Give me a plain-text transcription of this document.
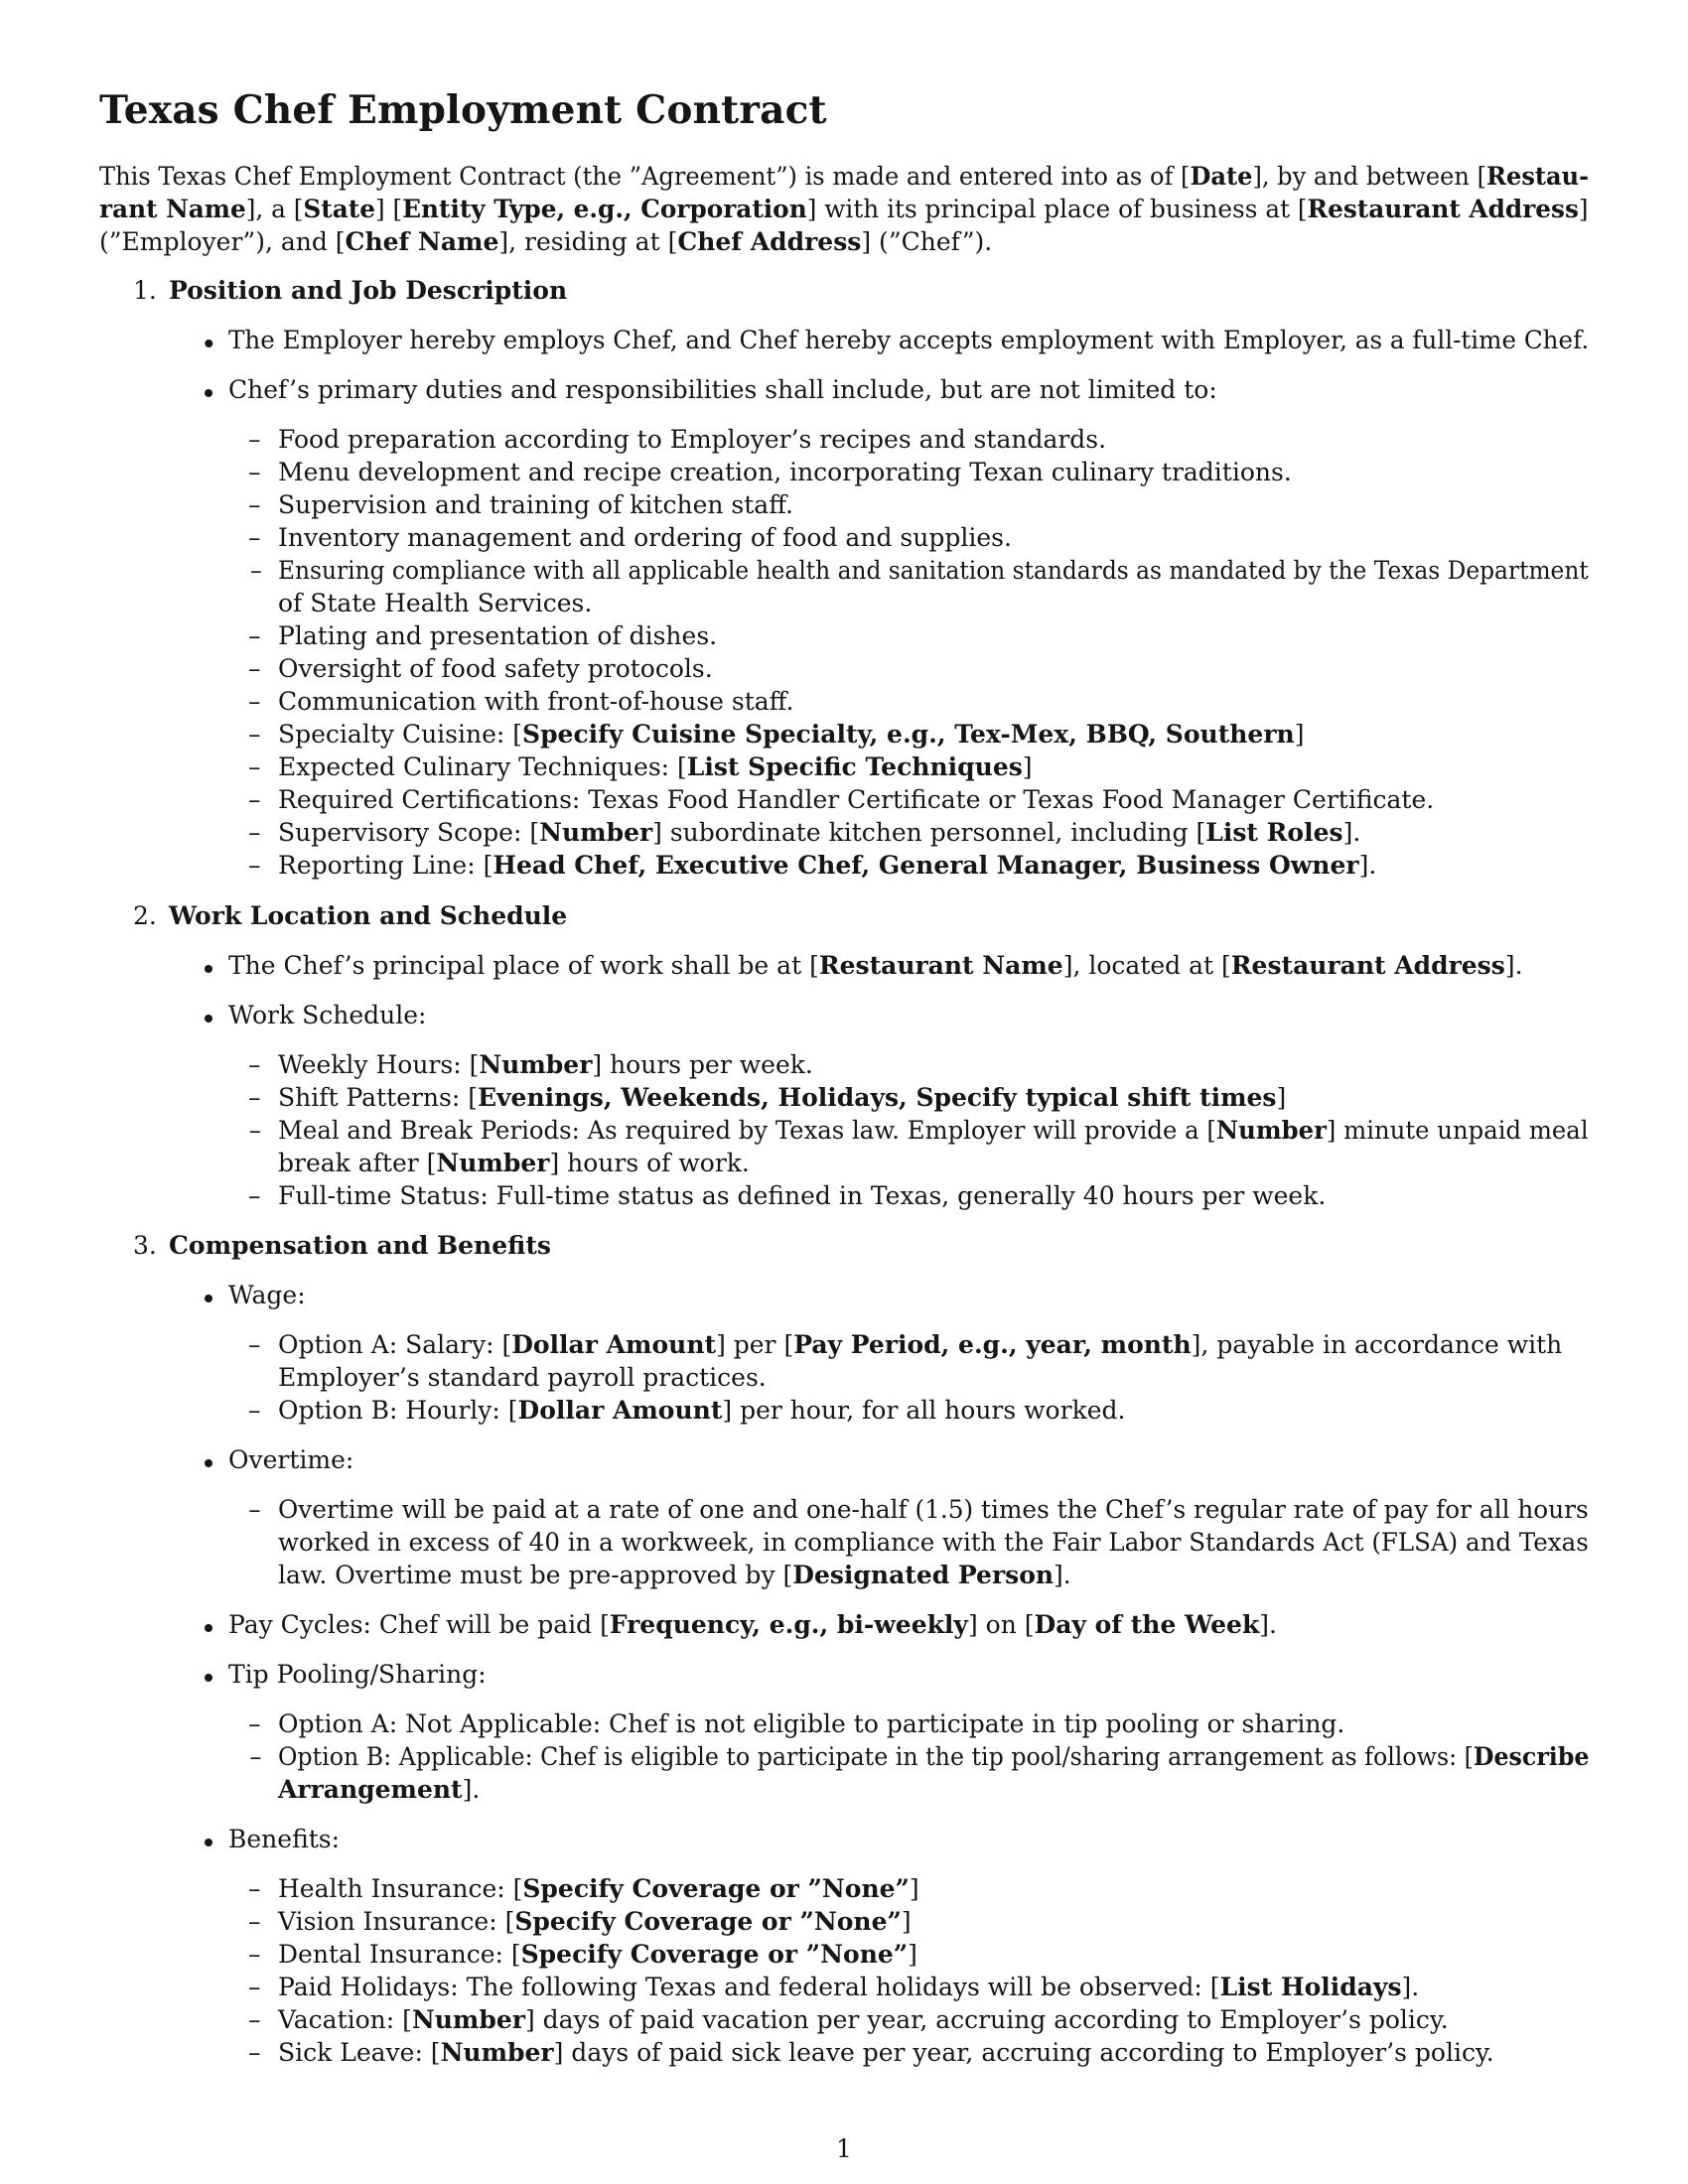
Texas Chef Employment Contract
This Texas Chef Employment Contract (the ”Agreement”) is made and entered into as of [Date], by and between [Restau-
rant Name], a [State] [Entity Type, e.g., Corporation] with its principal place of business at [Restaurant Address]
(”Employer”), and [Chef Name], residing at [Chef Address] (”Chef”).
1. Position and Job Description
The Employer hereby employs Chef, and Chef hereby accepts employment with Employer, as a full-time Chef.
Chef’s primary duties and responsibilities shall include, but are not limited to:
– Food preparation according to Employer’s recipes and standards.
– Menu development and recipe creation, incorporating Texan culinary traditions.
– Supervision and training of kitchen staff.
– Inventory management and ordering of food and supplies.
– Ensuring compliance with all applicable health and sanitation standards as mandated by the Texas Department
of State Health Services.
– Plating and presentation of dishes.
– Oversight of food safety protocols.
– Communication with front-of-house staff.
– Specialty Cuisine: [Specify Cuisine Specialty, e.g., Tex-Mex, BBQ, Southern]
– Expected Culinary Techniques: [List Specific Techniques]
– Required Certifications: Texas Food Handler Certificate or Texas Food Manager Certificate.
– Supervisory Scope: [Number] subordinate kitchen personnel, including [List Roles].
– Reporting Line: [Head Chef, Executive Chef, General Manager, Business Owner].
2. Work Location and Schedule
The Chef’s principal place of work shall be at [Restaurant Name], located at [Restaurant Address].
Work Schedule:
– Weekly Hours: [Number] hours per week.
– Shift Patterns: [Evenings, Weekends, Holidays, Specify typical shift times]
– Meal and Break Periods: As required by Texas law. Employer will provide a [Number] minute unpaid meal
break after [Number] hours of work.
– Full-time Status: Full-time status as defined in Texas, generally 40 hours per week.
3. Compensation and Benefits
Wage:
– Option A: Salary: [Dollar Amount] per [Pay Period, e.g., year, month], payable in accordance with
Employer’s standard payroll practices.
– Option B: Hourly: [Dollar Amount] per hour, for all hours worked.
Overtime:
– Overtime will be paid at a rate of one and one-half (1.5) times the Chef’s regular rate of pay for all hours
worked in excess of 40 in a workweek, in compliance with the Fair Labor Standards Act (FLSA) and Texas
law. Overtime must be pre-approved by [Designated Person].
Pay Cycles: Chef will be paid [Frequency, e.g., bi-weekly] on [Day of the Week].
Tip Pooling/Sharing:
– Option A: Not Applicable: Chef is not eligible to participate in tip pooling or sharing.
– Option B: Applicable: Chef is eligible to participate in the tip pool/sharing arrangement as follows: [Describe
Arrangement].
Benefits:
– Health Insurance: [Specify Coverage or ”None”]
– Vision Insurance: [Specify Coverage or ”None”]
– Dental Insurance: [Specify Coverage or ”None”]
– Paid Holidays: The following Texas and federal holidays will be observed: [List Holidays].
– Vacation: [Number] days of paid vacation per year, accruing according to Employer’s policy.
– Sick Leave: [Number] days of paid sick leave per year, accruing according to Employer’s policy.
1
